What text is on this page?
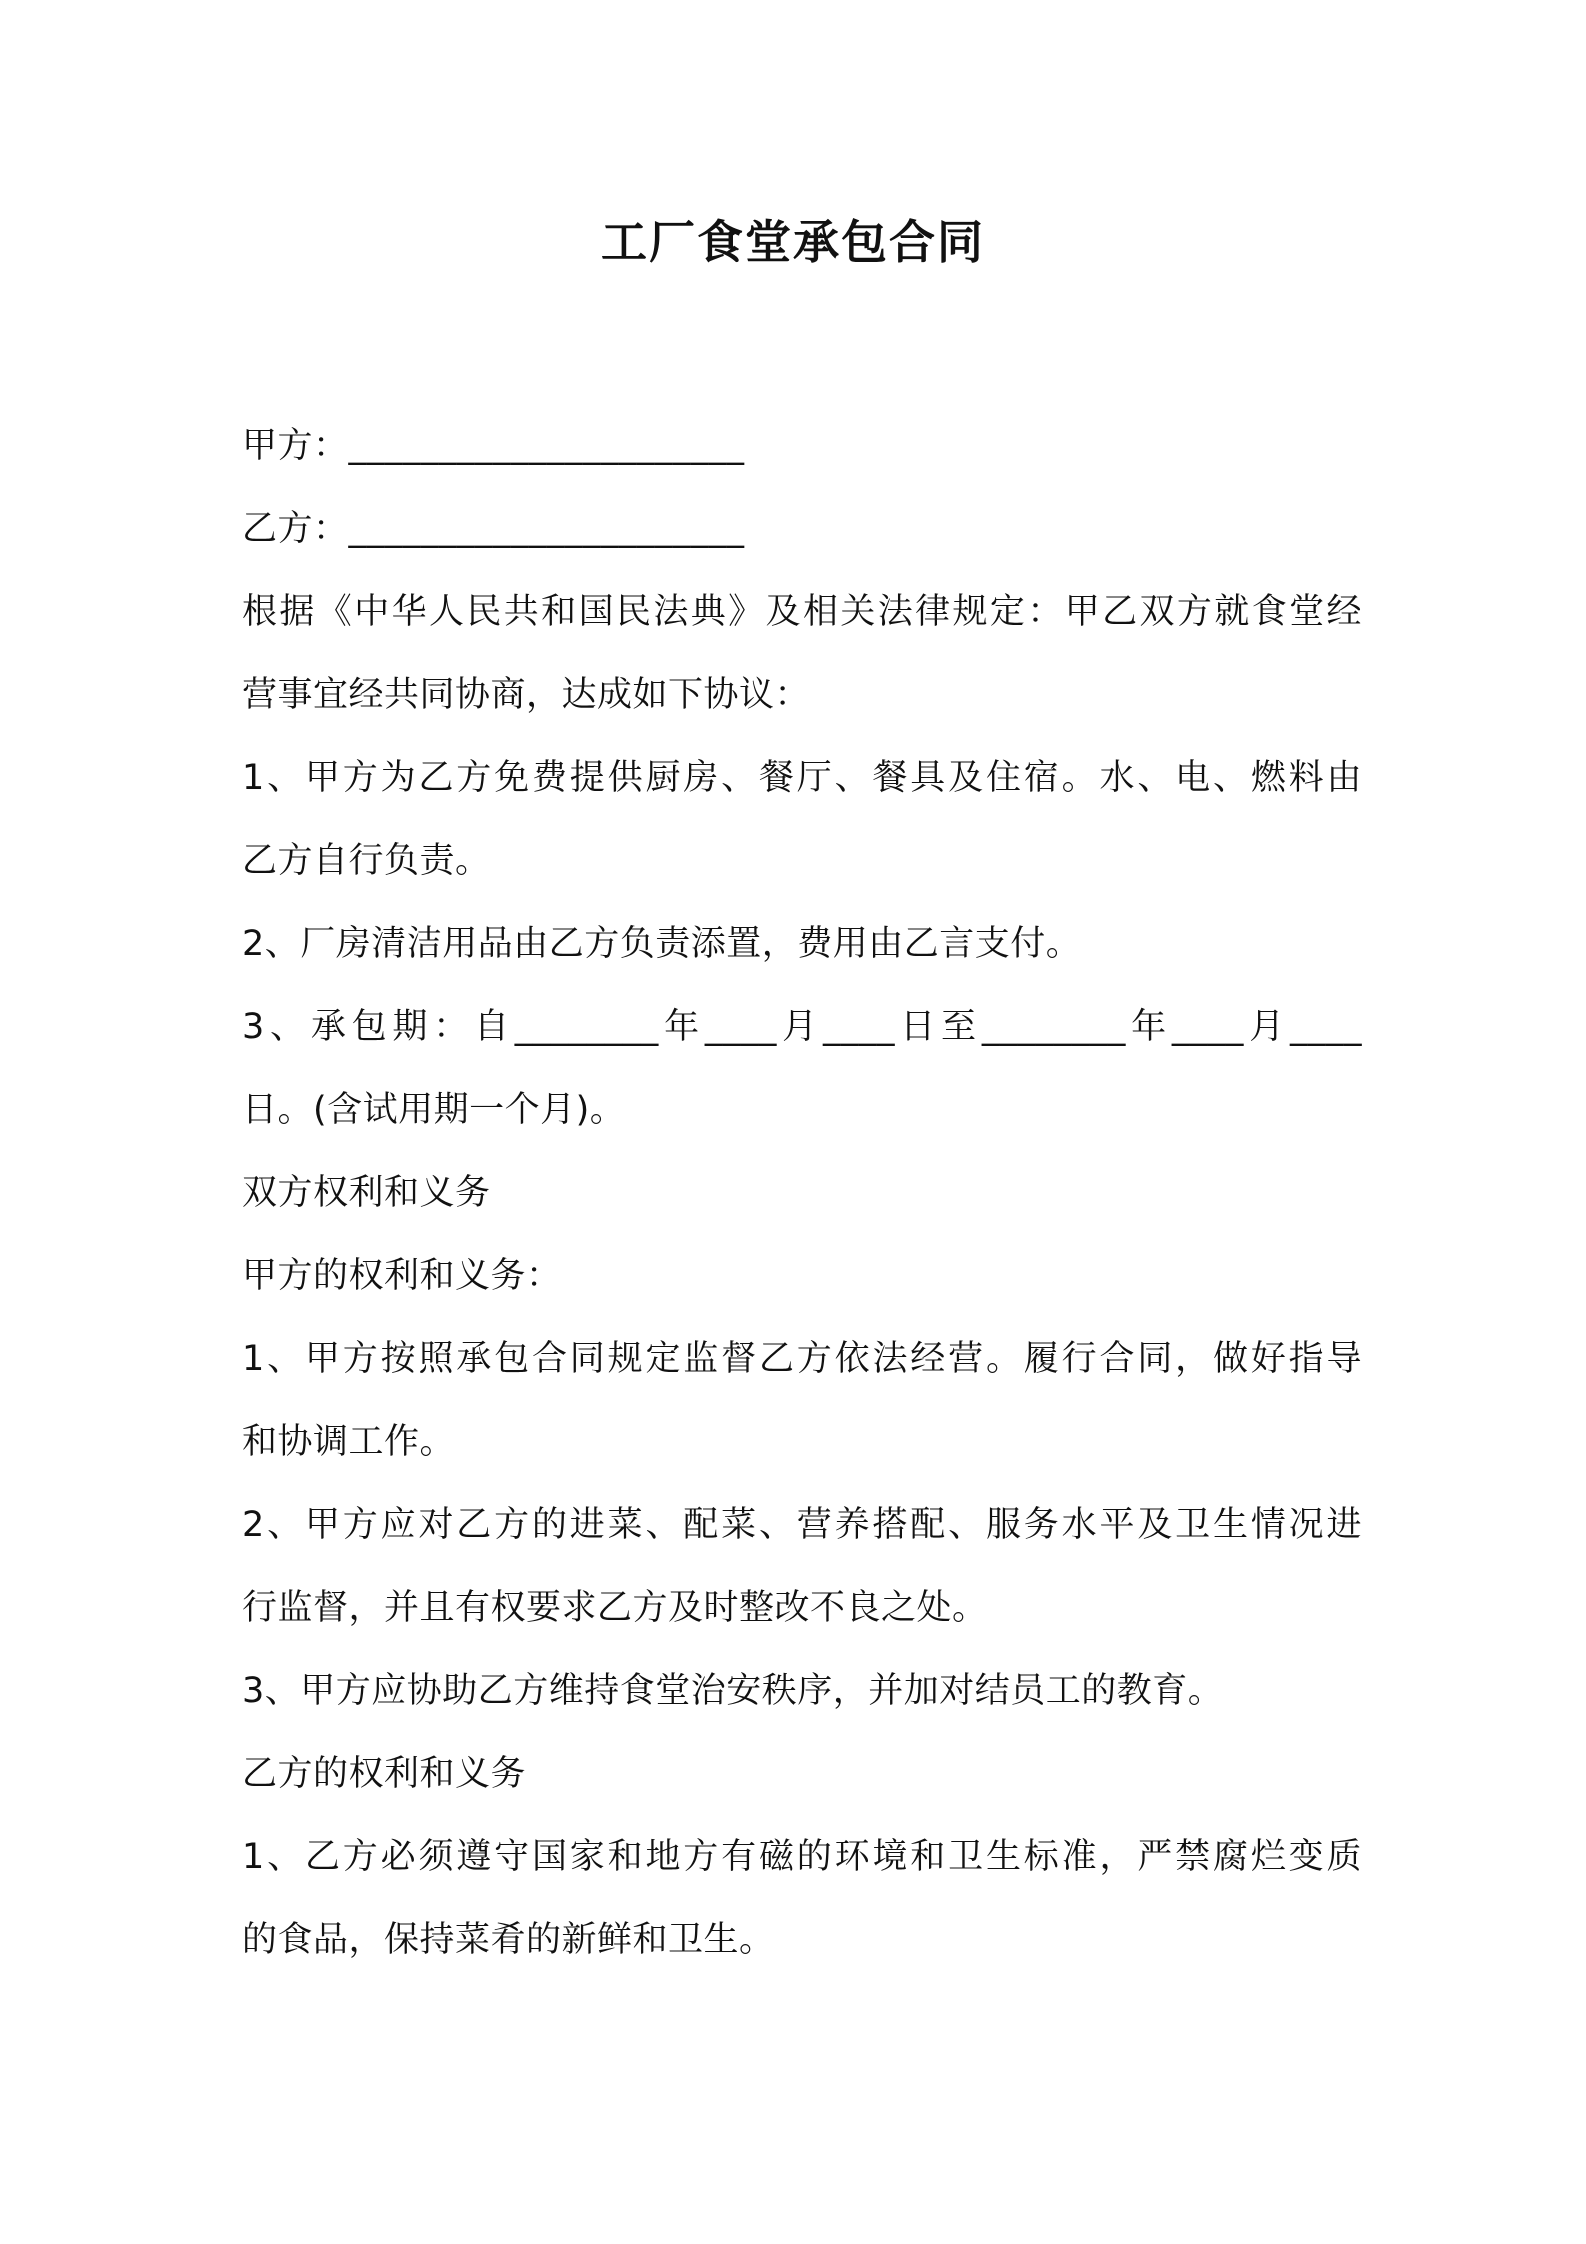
工厂食堂承包合同
甲方：______________________
乙方：______________________
根据《中华人民共和国民法典》及相关法律规定：甲乙双方就食堂经
营事宜经共同协商，达成如下协议：
1、甲方为乙方免费提供厨房、餐厅、餐具及住宿。水、电、燃料由
乙方自行负责。
2、厂房清洁用品由乙方负责添置，费用由乙言支付。
3、承包期：自________年____月____日至________年____月____
日。(含试用期一个月)。
双方权利和义务
甲方的权利和义务：
1、甲方按照承包合同规定监督乙方依法经营。履行合同，做好指导
和协调工作。
2、甲方应对乙方的进菜、配菜、营养搭配、服务水平及卫生情况进
行监督，并且有权要求乙方及时整改不良之处。
3、甲方应协助乙方维持食堂治安秩序，并加对结员工的教育。
乙方的权利和义务
1、乙方必须遵守国家和地方有磁的环境和卫生标准，严禁腐烂变质
的食品，保持菜肴的新鲜和卫生。
